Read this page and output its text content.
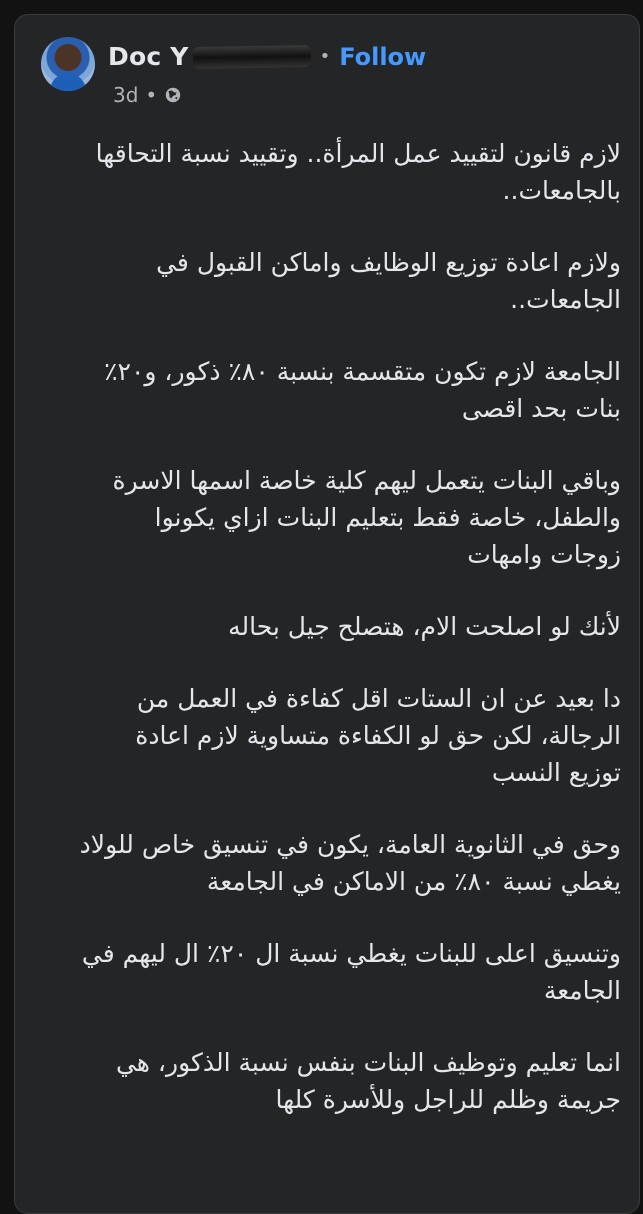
Doc Y	• Follow
3d •

لازم قانون لتقييد عمل المرأة.. وتقييد نسبة التحاقها بالجامعات..

ولازم اعادة توزيع الوظايف واماكن القبول في الجامعات..

الجامعة لازم تكون متقسمة بنسبة ٨٠٪ ذكور، و٢٠٪ بنات بحد اقصى

وباقي البنات يتعمل ليهم كلية خاصة اسمها الاسرة والطفل، خاصة فقط بتعليم البنات ازاي يكونوا زوجات وامهات

لأنك لو اصلحت الام، هتصلح جيل بحاله

دا بعيد عن ان الستات اقل كفاءة في العمل من الرجالة، لكن حق لو الكفاءة متساوية لازم اعادة توزيع النسب

وحق في الثانوية العامة، يكون في تنسيق خاص للولاد يغطي نسبة ٨٠٪ من الاماكن في الجامعة

وتنسيق اعلى للبنات يغطي نسبة ال ٢٠٪ ال ليهم في الجامعة

انما تعليم وتوظيف البنات بنفس نسبة الذكور، هي جريمة وظلم للراجل وللأسرة كلها
